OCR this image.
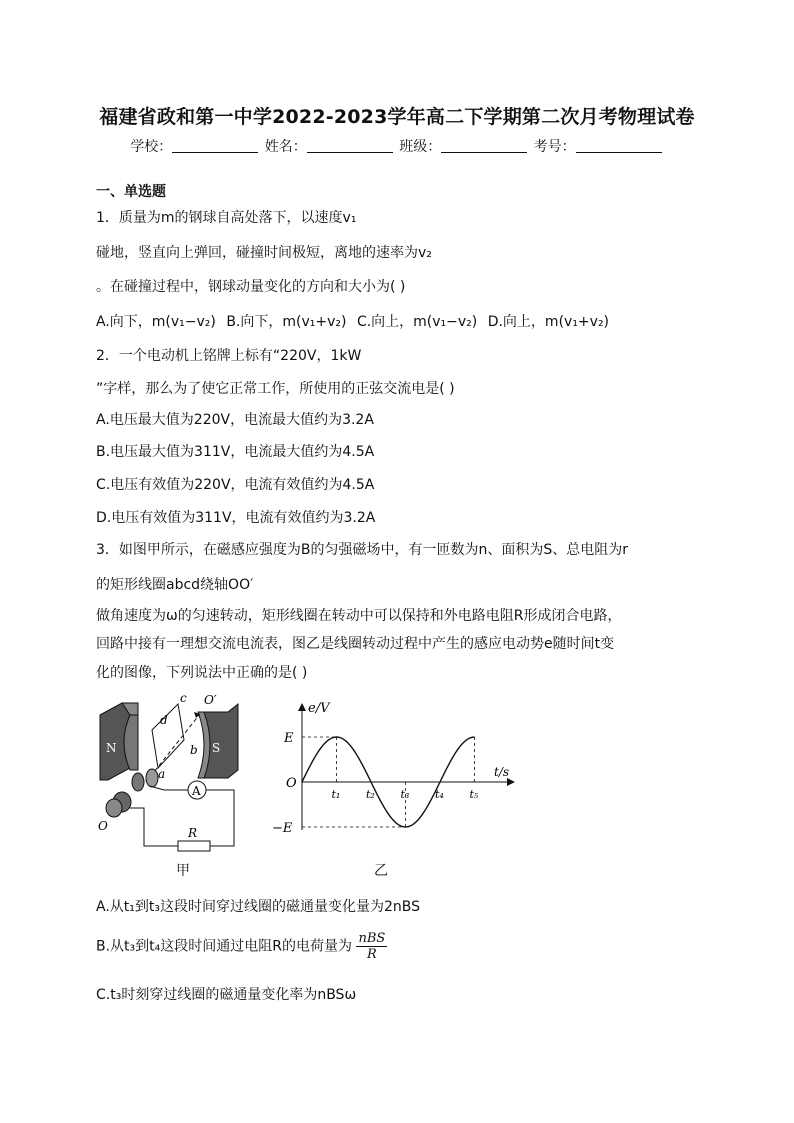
福建省政和第一中学2022-2023学年高二下学期第二次月考物理试卷
学校：	姓名：	班级：	考号：
一、单选题
1．质量为m的钢球自高处落下，以速度v₁
碰地，竖直向上弹回，碰撞时间极短，离地的速率为v₂
。在碰撞过程中，钢球动量变化的方向和大小为( )
A.向下，m(v₁−v₂) B.向下，m(v₁+v₂) C.向上，m(v₁−v₂) D.向上，m(v₁+v₂)
2．一个电动机上铭牌上标有“220V，1kW
”字样，那么为了使它正常工作，所使用的正弦交流电是( )
A.电压最大值为220V，电流最大值约为3.2A
B.电压最大值为311V，电流最大值约为4.5A
C.电压有效值为220V，电流有效值约为4.5A
D.电压有效值为311V，电流有效值约为3.2A
3．如图甲所示，在磁感应强度为B的匀强磁场中，有一匝数为n、面积为S、总电阻为r
的矩形线圈abcd绕轴OO′
做角速度为ω的匀速转动，矩形线圈在转动中可以保持和外电路电阻R形成闭合电路，
回路中接有一理想交流电流表，图乙是线圈转动过程中产生的感应电动势e随时间t变
化的图像，下列说法中正确的是( )
N	S
d
c
b
a
O′
O
A
R
甲
e/V
t/s
O
E
−E
t₁ t₂ t₃ t₄ t₅
乙
A.从t₁到t₃这段时间穿过线圈的磁通量变化量为2nBS
B.从t₃到t₄这段时间通过电阻R的电荷量为 $\frac{\text{nBS}}{R}$
C.t₃时刻穿过线圈的磁通量变化率为nBSω
